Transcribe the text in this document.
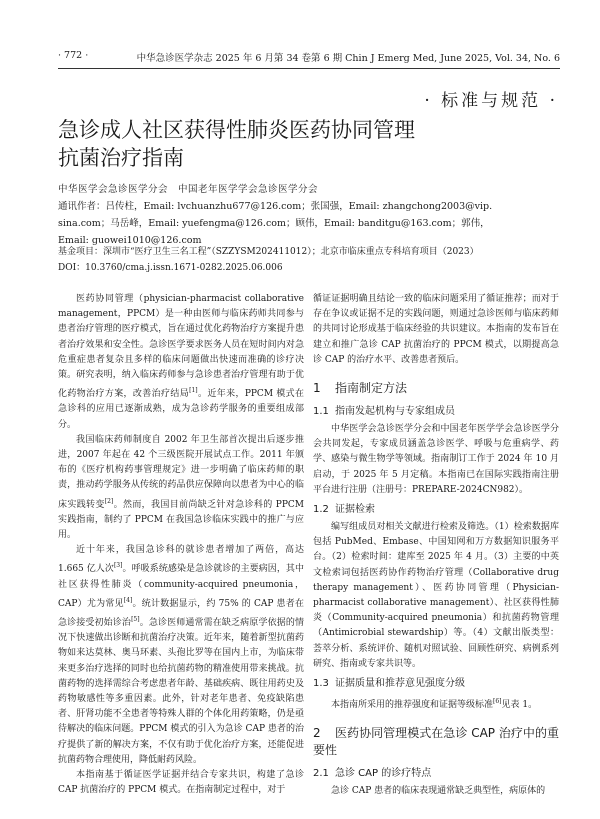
· 772 ·	中华急诊医学杂志 2025 年 6 月第 34 卷第 6 期 Chin J Emerg Med, June 2025, Vol. 34, No. 6
· 标准与规范 ·
急诊成人社区获得性肺炎医药协同管理
抗菌治疗指南
中华医学会急诊医学分会　中国老年医学学会急诊医学分会
通讯作者：吕传柱，Email: lvchuanzhu677@126.com；张国强，Email: zhangchong2003@vip.
sina.com；马岳峰，Email: yuefengma@126.com；顾伟，Email: banditgu@163.com；郭伟，
Email: guowei1010@126.com
基金项目：深圳市“医疗卫生三名工程”（SZZYSM202411012）；北京市临床重点专科培育项目（2023）
DOI：10.3760/cma.j.issn.1671-0282.2025.06.006

医药协同管理（physician-pharmacist collaborative management，PPCM）是一种由医师与临床药师共同参与患者治疗管理的医疗模式，旨在通过优化药物治疗方案提升患者治疗效果和安全性。急诊医学要求医务人员在短时间内对急危重症患者复杂且多样的临床问题做出快速而准确的诊疗决策。研究表明，纳入临床药师参与急诊患者治疗管理有助于优化药物治疗方案，改善治疗结局[1]。近年来，PPCM 模式在急诊科的应用已逐渐成熟，成为急诊药学服务的重要组成部分。

我国临床药师制度自 2002 年卫生部首次提出后逐步推进，2007 年起在 42 个三级医院开展试点工作。2011 年颁布的《医疗机构药事管理规定》进一步明确了临床药师的职责，推动药学服务从传统的药品供应保障向以患者为中心的临床实践转变[2]。然而，我国目前尚缺乏针对急诊科的 PPCM 实践指南，制约了 PPCM 在我国急诊临床实践中的推广与应用。

近十年来，我国急诊科的就诊患者增加了两倍，高达 1.665 亿人次[3]。呼吸系统感染是急诊就诊的主要病因，其中社区获得性肺炎（community-acquired pneumonia，CAP）尤为常见[4]。统计数据显示，约 75% 的 CAP 患者在急诊接受初始诊治[5]。急诊医师通常需在缺乏病原学依据的情况下快速做出诊断和抗菌治疗决策。近年来，随着新型抗菌药物如来达莫林、奥马环素、头孢比罗等在国内上市，为临床带来更多治疗选择的同时也给抗菌药物的精准使用带来挑战。抗菌药物的选择需综合考虑患者年龄、基础疾病、既往用药史及药物敏感性等多重因素。此外，针对老年患者、免疫缺陷患者、肝肾功能不全患者等特殊人群的个体化用药策略，仍是亟待解决的临床问题。PPCM 模式的引入为急诊 CAP 患者的治疗提供了新的解决方案，不仅有助于优化治疗方案，还能促进抗菌药物合理使用，降低耐药风险。

本指南基于循证医学证据并结合专家共识，构建了急诊 CAP 抗菌治疗的 PPCM 模式。在指南制定过程中，对于

循证证据明确且结论一致的临床问题采用了循证推荐；而对于存在争议或证据不足的实践问题，则通过急诊医师与临床药师的共同讨论形成基于临床经验的共识建议。本指南的发布旨在建立和推广急诊 CAP 抗菌治疗的 PPCM 模式，以期提高急诊 CAP 的治疗水平、改善患者预后。

1 指南制定方法
1.1 指南发起机构与专家组成员

中华医学会急诊医学分会和中国老年医学学会急诊医学分会共同发起，专家成员涵盖急诊医学、呼吸与危重病学、药学、感染与微生物学等领域。指南制订工作于 2024 年 10 月启动，于 2025 年 5 月定稿。本指南已在国际实践指南注册平台进行注册（注册号：PREPARE-2024CN982）。

1.2 证据检索

编写组成员对相关文献进行检索及筛选。（1）检索数据库包括 PubMed、Embase、中国知网和万方数据知识服务平台。（2）检索时间：建库至 2025 年 4 月。（3）主要的中英文检索词包括医药协作药物治疗管理（Collaborative drug therapy management）、医药协同管理（Physician-pharmacist collaborative management）、社区获得性肺炎（Community-acquired pneumonia）和抗菌药物管理（Antimicrobial stewardship）等。（4）文献出版类型：荟萃分析、系统评价、随机对照试验、回顾性研究、病例系列研究、指南或专家共识等。

1.3 证据质量和推荐意见强度分级

本指南所采用的推荐强度和证据等级标准[6]见表 1。

2 医药协同管理模式在急诊 CAP 治疗中的重要性
2.1 急诊 CAP 的诊疗特点

急诊 CAP 患者的临床表现通常缺乏典型性，病原体的
